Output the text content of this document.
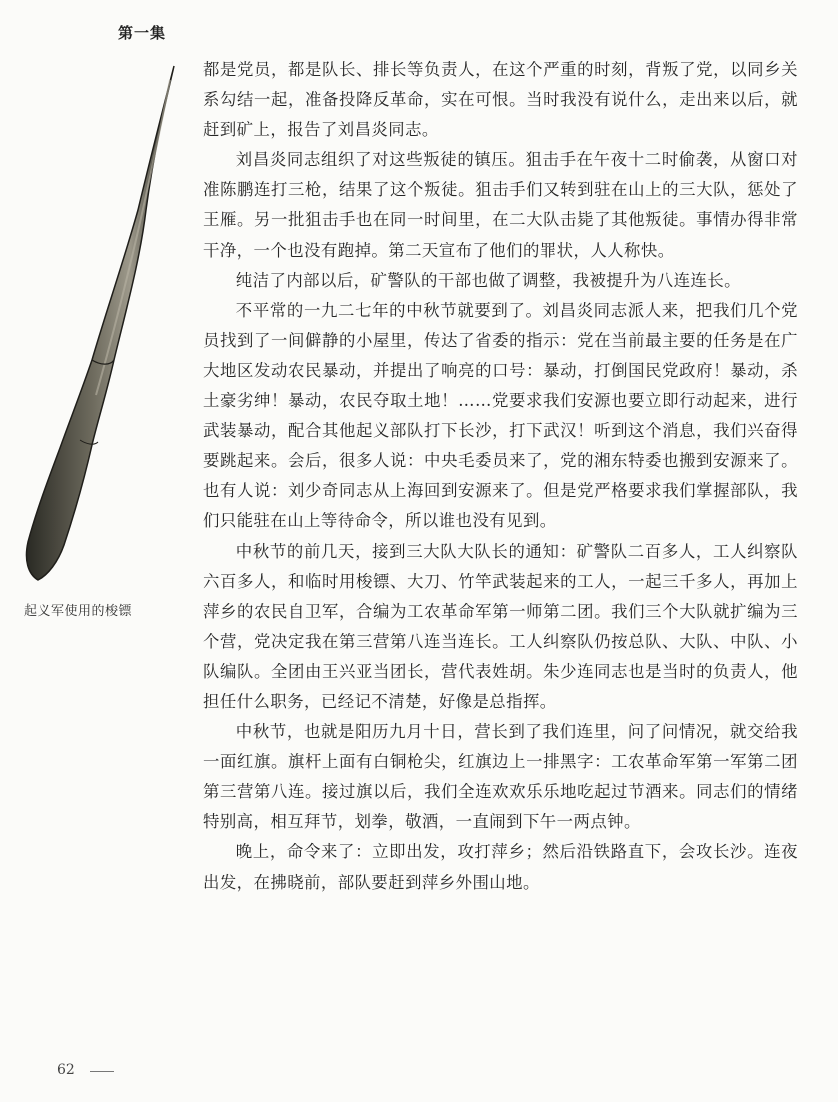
第一集
起义军使用的梭镖

都是党员，都是队长、排长等负责人，在这个严重的时刻，背叛了党，以同乡关系勾结一起，准备投降反革命，实在可恨。当时我没有说什么，走出来以后，就赶到矿上，报告了刘昌炎同志。

刘昌炎同志组织了对这些叛徒的镇压。狙击手在午夜十二时偷袭，从窗口对准陈鹏连打三枪，结果了这个叛徒。狙击手们又转到驻在山上的三大队，惩处了王雁。另一批狙击手也在同一时间里，在二大队击毙了其他叛徒。事情办得非常干净，一个也没有跑掉。第二天宣布了他们的罪状，人人称快。

纯洁了内部以后，矿警队的干部也做了调整，我被提升为八连连长。

不平常的一九二七年的中秋节就要到了。刘昌炎同志派人来，把我们几个党员找到了一间僻静的小屋里，传达了省委的指示：党在当前最主要的任务是在广大地区发动农民暴动，并提出了响亮的口号：暴动，打倒国民党政府！暴动，杀土豪劣绅！暴动，农民夺取土地！……党要求我们安源也要立即行动起来，进行武装暴动，配合其他起义部队打下长沙，打下武汉！听到这个消息，我们兴奋得要跳起来。会后，很多人说：中央毛委员来了，党的湘东特委也搬到安源来了。也有人说：刘少奇同志从上海回到安源来了。但是党严格要求我们掌握部队，我们只能驻在山上等待命令，所以谁也没有见到。

中秋节的前几天，接到三大队大队长的通知：矿警队二百多人，工人纠察队六百多人，和临时用梭镖、大刀、竹竿武装起来的工人，一起三千多人，再加上萍乡的农民自卫军，合编为工农革命军第一师第二团。我们三个大队就扩编为三个营，党决定我在第三营第八连当连长。工人纠察队仍按总队、大队、中队、小队编队。全团由王兴亚当团长，营代表姓胡。朱少连同志也是当时的负责人，他担任什么职务，已经记不清楚，好像是总指挥。

中秋节，也就是阳历九月十日，营长到了我们连里，问了问情况，就交给我一面红旗。旗杆上面有白铜枪尖，红旗边上一排黑字：工农革命军第一军第二团第三营第八连。接过旗以后，我们全连欢欢乐乐地吃起过节酒来。同志们的情绪特别高，相互拜节，划拳，敬酒，一直闹到下午一两点钟。

晚上，命令来了：立即出发，攻打萍乡；然后沿铁路直下，会攻长沙。连夜出发，在拂晓前，部队要赶到萍乡外围山地。

62
